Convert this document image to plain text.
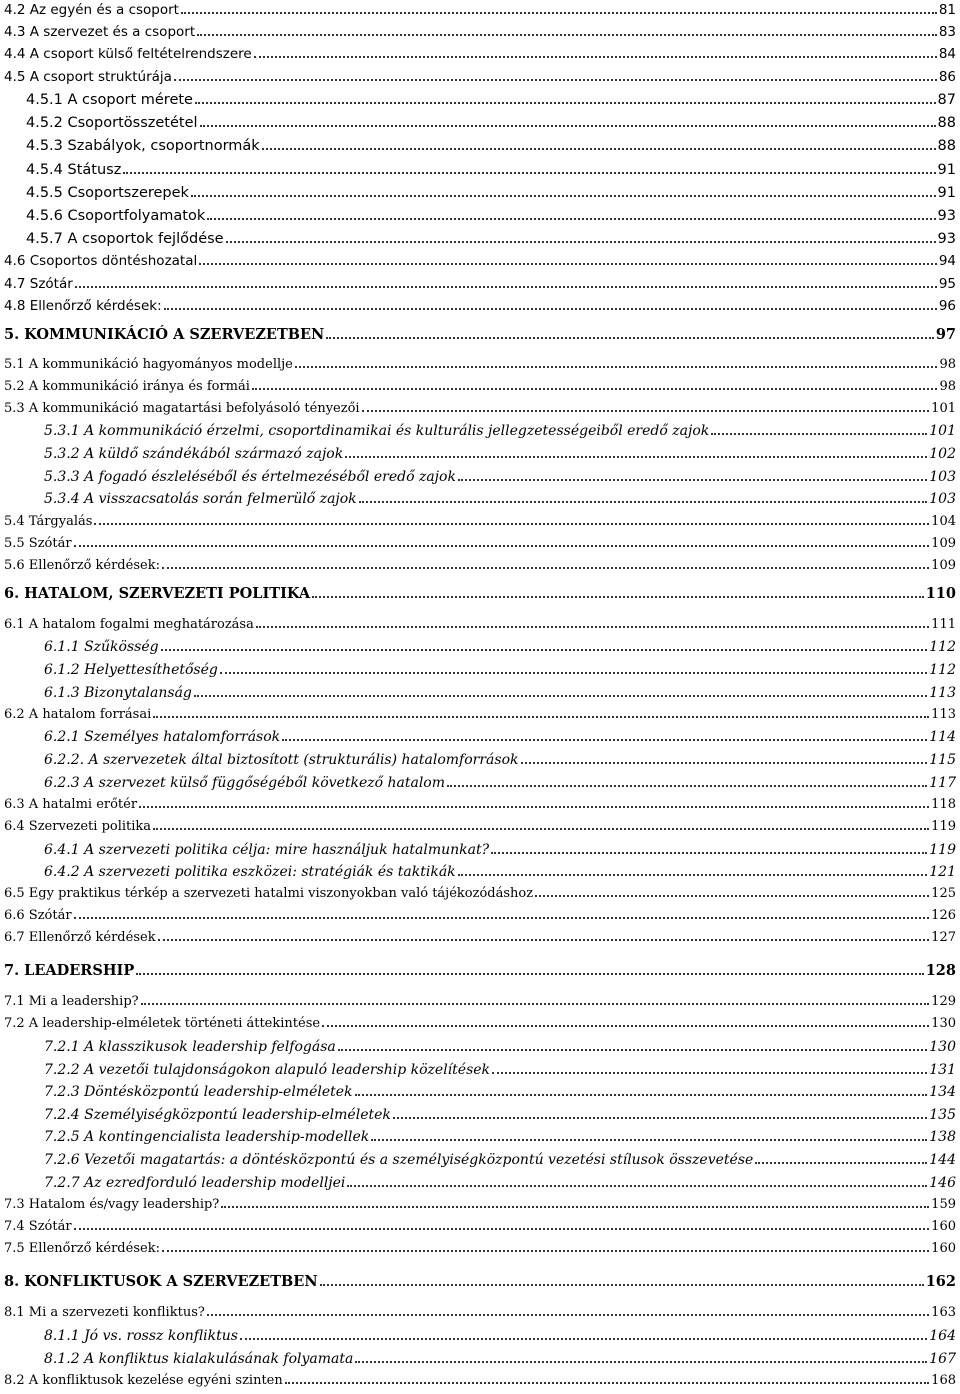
4.2 Az egyén és a csoport	81
4.3 A szervezet és a csoport	83
4.4 A csoport külső feltételrendszere	84
4.5 A csoport struktúrája	86
4.5.1 A csoport mérete	87
4.5.2 Csoportösszetétel	88
4.5.3 Szabályok, csoportnormák	88
4.5.4 Státusz	91
4.5.5 Csoportszerepek	91
4.5.6 Csoportfolyamatok	93
4.5.7 A csoportok fejlődése	93
4.6 Csoportos döntéshozatal	94
4.7 Szótár	95
4.8 Ellenőrző kérdések:	96
5. KOMMUNIKÁCIÓ A SZERVEZETBEN	97
5.1 A kommunikáció hagyományos modellje	98
5.2 A kommunikáció iránya és formái	98
5.3 A kommunikáció magatartási befolyásoló tényezői	101
5.3.1 A kommunikáció érzelmi, csoportdinamikai és kulturális jellegzetességeiből eredő zajok	101
5.3.2 A küldő szándékából származó zajok	102
5.3.3 A fogadó észleléséből és értelmezéséből eredő zajok	103
5.3.4 A visszacsatolás során felmerülő zajok	103
5.4 Tárgyalás	104
5.5 Szótár	109
5.6 Ellenőrző kérdések:	109
6. HATALOM, SZERVEZETI POLITIKA	110
6.1 A hatalom fogalmi meghatározása	111
6.1.1 Szűkösség	112
6.1.2 Helyettesíthetőség	112
6.1.3 Bizonytalanság	113
6.2 A hatalom forrásai	113
6.2.1 Személyes hatalomforrások	114
6.2.2. A szervezetek által biztosított (strukturális) hatalomforrások	115
6.2.3 A szervezet külső függőségéből következő hatalom	117
6.3 A hatalmi erőtér	118
6.4 Szervezeti politika	119
6.4.1 A szervezeti politika célja: mire használjuk hatalmunkat?	119
6.4.2 A szervezeti politika eszközei: stratégiák és taktikák	121
6.5 Egy praktikus térkép a szervezeti hatalmi viszonyokban való tájékozódáshoz	125
6.6 Szótár	126
6.7 Ellenőrző kérdések	127
7. LEADERSHIP	128
7.1 Mi a leadership?	129
7.2 A leadership-elméletek történeti áttekintése	130
7.2.1 A klasszikusok leadership felfogása	130
7.2.2 A vezetői tulajdonságokon alapuló leadership közelítések	131
7.2.3 Döntésközpontú leadership-elméletek	134
7.2.4 Személyiségközpontú leadership-elméletek	135
7.2.5 A kontingencialista leadership-modellek	138
7.2.6 Vezetői magatartás: a döntésközpontú és a személyiségközpontú vezetési stílusok összevetése	144
7.2.7 Az ezredforduló leadership modelljei	146
7.3 Hatalom és/vagy leadership?	159
7.4 Szótár	160
7.5 Ellenőrző kérdések:	160
8. KONFLIKTUSOK A SZERVEZETBEN	162
8.1 Mi a szervezeti konfliktus?	163
8.1.1 Jó vs. rossz konfliktus	164
8.1.2 A konfliktus kialakulásának folyamata	167
8.2 A konfliktusok kezelése egyéni szinten	168
